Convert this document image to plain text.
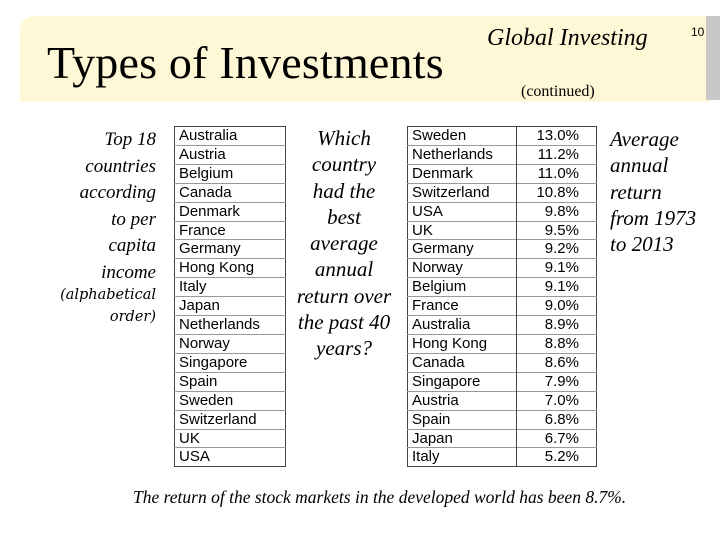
Types of Investments Global Investing
(continued)
10
Top 18
countries
according
to per
capita
income
(alphabetical
order)
Australia
Austria
Belgium
Canada
Denmark
France
Germany
Hong Kong
Italy
Japan
Netherlands
Norway
Singapore
Spain
Sweden
Switzerland
UK
USA
Which
country
had the
best
average
annual
return over
the past 40
years?
Sweden	13.0%
Netherlands	11.2%
Denmark	11.0%
Switzerland	10.8%
USA	9.8%
UK	9.5%
Germany	9.2%
Norway	9.1%
Belgium	9.1%
France	9.0%
Australia	8.9%
Hong Kong	8.8%
Canada	8.6%
Singapore	7.9%
Austria	7.0%
Spain	6.8%
Japan	6.7%
Italy	5.2%
Average
annual
return
from 1973
to 2013
The return of the stock markets in the developed world has been 8.7%.
